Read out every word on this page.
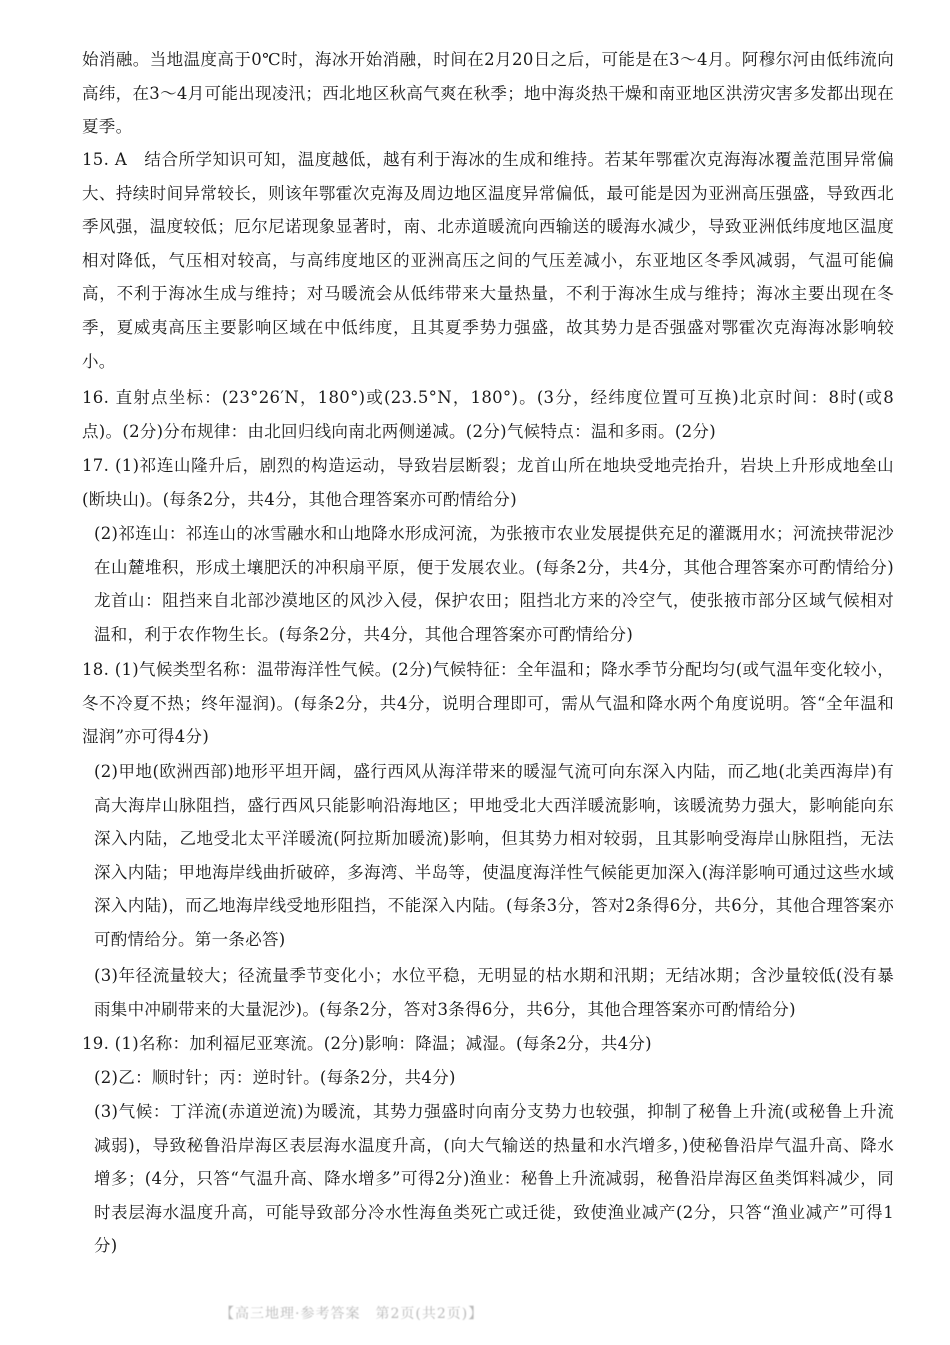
始消融。当地温度高于0℃时，海冰开始消融，时间在2月20日之后，可能是在3～4月。阿穆尔河由低纬流向高纬，在3～4月可能出现凌汛；西北地区秋高气爽在秋季；地中海炎热干燥和南亚地区洪涝灾害多发都出现在夏季。

15. A　结合所学知识可知，温度越低，越有利于海冰的生成和维持。若某年鄂霍次克海海冰覆盖范围异常偏大、持续时间异常较长，则该年鄂霍次克海及周边地区温度异常偏低，最可能是因为亚洲高压强盛，导致西北季风强，温度较低；厄尔尼诺现象显著时，南、北赤道暖流向西输送的暖海水减少，导致亚洲低纬度地区温度相对降低，气压相对较高，与高纬度地区的亚洲高压之间的气压差减小，东亚地区冬季风减弱，气温可能偏高，不利于海冰生成与维持；对马暖流会从低纬带来大量热量，不利于海冰生成与维持；海冰主要出现在冬季，夏威夷高压主要影响区域在中低纬度，且其夏季势力强盛，故其势力是否强盛对鄂霍次克海海冰影响较小。

16. 直射点坐标：(23°26′N，180°)或(23.5°N，180°)。(3分，经纬度位置可互换)北京时间：8时(或8点)。(2分)分布规律：由北回归线向南北两侧递减。(2分)气候特点：温和多雨。(2分)

17. (1)祁连山隆升后，剧烈的构造运动，导致岩层断裂；龙首山所在地块受地壳抬升，岩块上升形成地垒山(断块山)。(每条2分，共4分，其他合理答案亦可酌情给分)

(2)祁连山：祁连山的冰雪融水和山地降水形成河流，为张掖市农业发展提供充足的灌溉用水；河流挟带泥沙在山麓堆积，形成土壤肥沃的冲积扇平原，便于发展农业。(每条2分，共4分，其他合理答案亦可酌情给分)龙首山：阻挡来自北部沙漠地区的风沙入侵，保护农田；阻挡北方来的冷空气，使张掖市部分区域气候相对温和，利于农作物生长。(每条2分，共4分，其他合理答案亦可酌情给分)

18. (1)气候类型名称：温带海洋性气候。(2分)气候特征：全年温和；降水季节分配均匀(或气温年变化较小，冬不冷夏不热；终年湿润)。(每条2分，共4分，说明合理即可，需从气温和降水两个角度说明。答“全年温和湿润”亦可得4分)

(2)甲地(欧洲西部)地形平坦开阔，盛行西风从海洋带来的暖湿气流可向东深入内陆，而乙地(北美西海岸)有高大海岸山脉阻挡，盛行西风只能影响沿海地区；甲地受北大西洋暖流影响，该暖流势力强大，影响能向东深入内陆，乙地受北太平洋暖流(阿拉斯加暖流)影响，但其势力相对较弱，且其影响受海岸山脉阻挡，无法深入内陆；甲地海岸线曲折破碎，多海湾、半岛等，使温度海洋性气候能更加深入(海洋影响可通过这些水域深入内陆)，而乙地海岸线受地形阻挡，不能深入内陆。(每条3分，答对2条得6分，共6分，其他合理答案亦可酌情给分。第一条必答)

(3)年径流量较大；径流量季节变化小；水位平稳，无明显的枯水期和汛期；无结冰期；含沙量较低(没有暴雨集中冲刷带来的大量泥沙)。(每条2分，答对3条得6分，共6分，其他合理答案亦可酌情给分)

19. (1)名称：加利福尼亚寒流。(2分)影响：降温；减湿。(每条2分，共4分)

(2)乙：顺时针；丙：逆时针。(每条2分，共4分)

(3)气候：丁洋流(赤道逆流)为暖流，其势力强盛时向南分支势力也较强，抑制了秘鲁上升流(或秘鲁上升流减弱)，导致秘鲁沿岸海区表层海水温度升高，(向大气输送的热量和水汽增多，)使秘鲁沿岸气温升高、降水增多；(4分，只答“气温升高、降水增多”可得2分)渔业：秘鲁上升流减弱，秘鲁沿岸海区鱼类饵料减少，同时表层海水温度升高，可能导致部分冷水性海鱼类死亡或迁徙，致使渔业减产(2分，只答“渔业减产”可得1分)

【高三地理·参考答案　第2页(共2页)】
